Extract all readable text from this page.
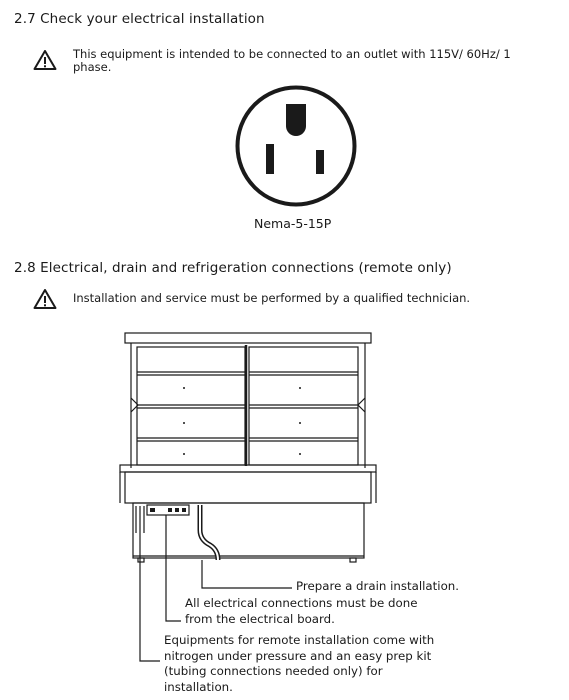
2.7 Check your electrical installation
This equipment is intended to be connected to an outlet with 115V/ 60Hz/ 1
phase.
Nema-5-15P
2.8 Electrical, drain and refrigeration connections (remote only)
Installation and service must be performed by a qualified technician.
Prepare a drain installation.
All electrical connections must be done
from the electrical board.
Equipments for remote installation come with
nitrogen under pressure and an easy prep kit
(tubing connections needed only) for
installation.
